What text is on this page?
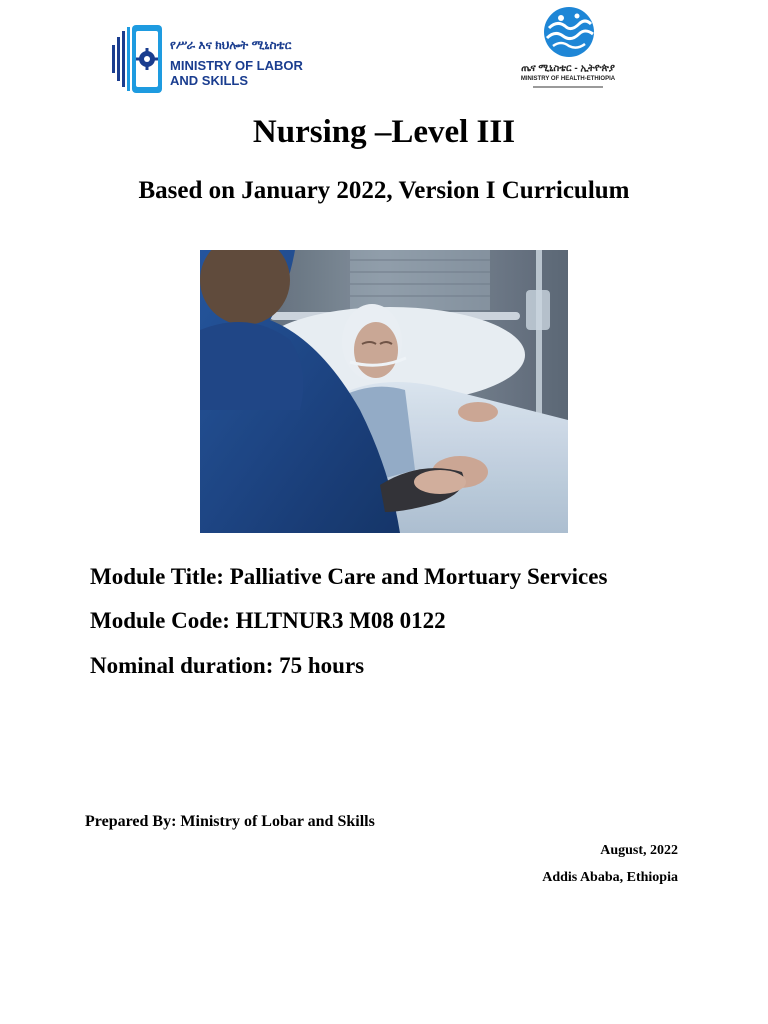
የሥራ እና ክህሎት ሚኒስቴር
MINISTRY OF LABOR
AND SKILLS
ጤና ሚኒስቴር - ኢትዮጵያ
MINISTRY OF HEALTH-ETHIOPIA
Nursing –Level III
Based on January 2022, Version I Curriculum
Module Title: Palliative Care and Mortuary Services
Module Code: HLTNUR3 M08 0122
Nominal duration: 75 hours
Prepared By: Ministry of Lobar and Skills
August, 2022
Addis Ababa, Ethiopia
